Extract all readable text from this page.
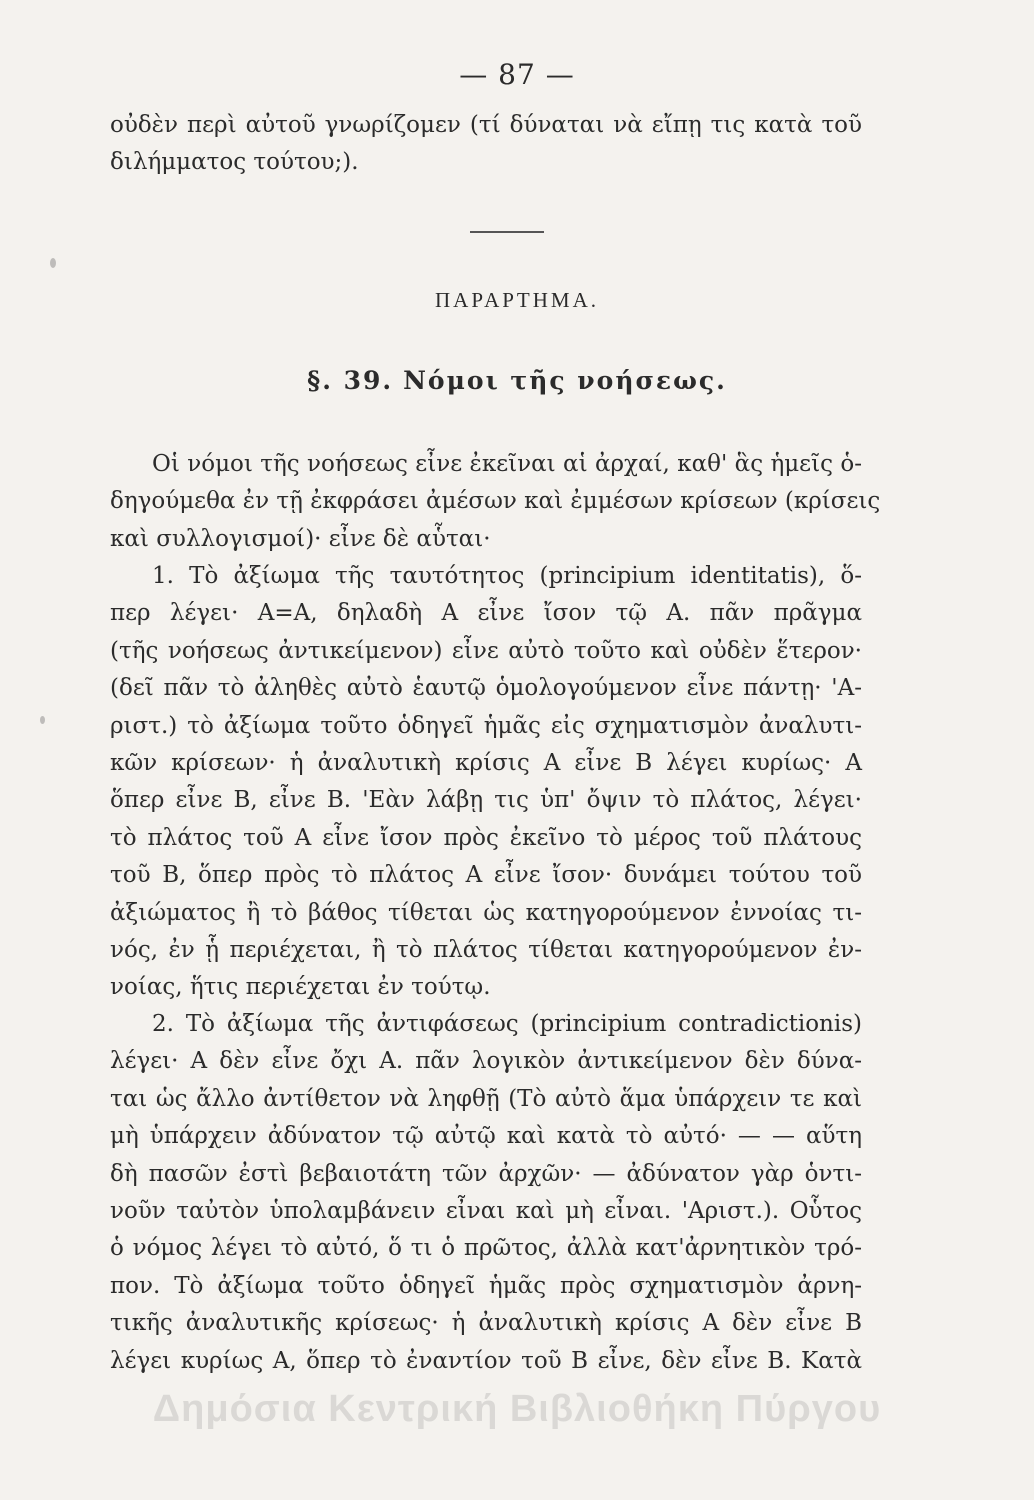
— 87 —
οὐδὲν περὶ αὐτοῦ γνωρίζομεν (τί δύναται νὰ εἴπῃ τις κατὰ τοῦ
διλήμματος τούτου;).
ΠΑΡΑΡΤΗΜΑ.
§. 39. Νόμοι τῆς νοήσεως.
Οἱ νόμοι τῆς νοήσεως εἶνε ἐκεῖναι αἱ ἀρχαί, καθ' ἃς ἡμεῖς ὁ-
δηγούμεθα ἐν τῇ ἐκφράσει ἀμέσων καὶ ἐμμέσων κρίσεων (κρίσεις
καὶ συλλογισμοί)· εἶνε δὲ αὗται·
1. Τὸ ἀξίωμα τῆς ταυτότητος (principium identitatis), ὅ-
περ λέγει· Α=Α, δηλαδὴ Α εἶνε ἴσον τῷ Α. πᾶν πρᾶγμα
(τῆς νοήσεως ἀντικείμενον) εἶνε αὐτὸ τοῦτο καὶ οὐδὲν ἕτερον·
(δεῖ πᾶν τὸ ἀληθὲς αὐτὸ ἑαυτῷ ὁμολογούμενον εἶνε πάντῃ· 'Α-
ριστ.) τὸ ἀξίωμα τοῦτο ὁδηγεῖ ἡμᾶς εἰς σχηματισμὸν ἀναλυτι-
κῶν κρίσεων· ἡ ἀναλυτικὴ κρίσις Α εἶνε Β λέγει κυρίως· Α
ὅπερ εἶνε Β, εἶνε Β. 'Εὰν λάβῃ τις ὑπ' ὄψιν τὸ πλάτος, λέγει·
τὸ πλάτος τοῦ Α εἶνε ἴσον πρὸς ἐκεῖνο τὸ μέρος τοῦ πλάτους
τοῦ Β, ὅπερ πρὸς τὸ πλάτος Α εἶνε ἴσον· δυνάμει τούτου τοῦ
ἀξιώματος ἢ τὸ βάθος τίθεται ὡς κατηγορούμενον ἐννοίας τι-
νός, ἐν ᾗ περιέχεται, ἢ τὸ πλάτος τίθεται κατηγορούμενον ἐν-
νοίας, ἥτις περιέχεται ἐν τούτῳ.
2. Τὸ ἀξίωμα τῆς ἀντιφάσεως (principium contradictionis)
λέγει· Α δὲν εἶνε ὄχι Α. πᾶν λογικὸν ἀντικείμενον δὲν δύνα-
ται ὡς ἄλλο ἀντίθετον νὰ ληφθῇ (Τὸ αὐτὸ ἅμα ὑπάρχειν τε καὶ
μὴ ὑπάρχειν ἀδύνατον τῷ αὐτῷ καὶ κατὰ τὸ αὐτό· — — αὕτη
δὴ πασῶν ἐστὶ βεβαιοτάτη τῶν ἀρχῶν· — ἀδύνατον γὰρ ὁντι-
νοῦν ταὐτὸν ὑπολαμβάνειν εἶναι καὶ μὴ εἶναι. 'Αριστ.). Οὗτος
ὁ νόμος λέγει τὸ αὐτό, ὅ τι ὁ πρῶτος, ἀλλὰ κατ'ἀρνητικὸν τρό-
πον. Τὸ ἀξίωμα τοῦτο ὁδηγεῖ ἡμᾶς πρὸς σχηματισμὸν ἀρνη-
τικῆς ἀναλυτικῆς κρίσεως· ἡ ἀναλυτικὴ κρίσις Α δὲν εἶνε Β
λέγει κυρίως Α, ὅπερ τὸ ἐναντίον τοῦ Β εἶνε, δὲν εἶνε Β. Κατὰ
Δημόσια Κεντρική Βιβλιοθήκη Πύργου
